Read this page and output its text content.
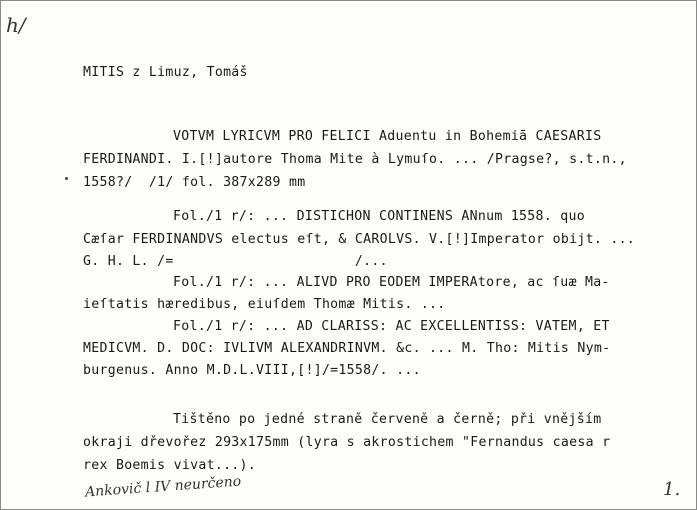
h/
MITIS z Limuz, Tomáš
VOTVM LYRICVM PRO FELICI Aduentu in Bohemiā CAESARIS
FERDINANDI. I.[!]autore Thoma Mite à Lymuſo. ... /Pragse?, s.t.n.,
1558?/  /1/ fol. 387x289 mm
Fol./1 r/: ... DISTICHON CONTINENS ANnum 1558. quo
Cæſar FERDINANDVS electus eſt, & CAROLVS. V.[!]Imperator obijt. ...
G. H. L. /=                      /...
Fol./1 r/: ... ALIVD PRO EODEM IMPERAtore, ac ſuæ Ma-
ieſtatis hæredibus, eiuſdem Thomæ Mitis. ...
Fol./1 r/: ... AD CLARISS: AC EXCELLENTISS: VATEM, ET
MEDICVM. D. DOC: IVLIVM ALEXANDRINVM. &c. ... M. Tho: Mitis Nym-
burgenus. Anno M.D.L.VIII,[!]/=1558/. ...
Tištěno po jedné straně červeně a černě; při vnějším
okraji dřevořez 293x175mm (lyra s akrostichem "Fernandus caesa r
rex Boemis vivat...).
Ankovič l IV neurčeno	1.
